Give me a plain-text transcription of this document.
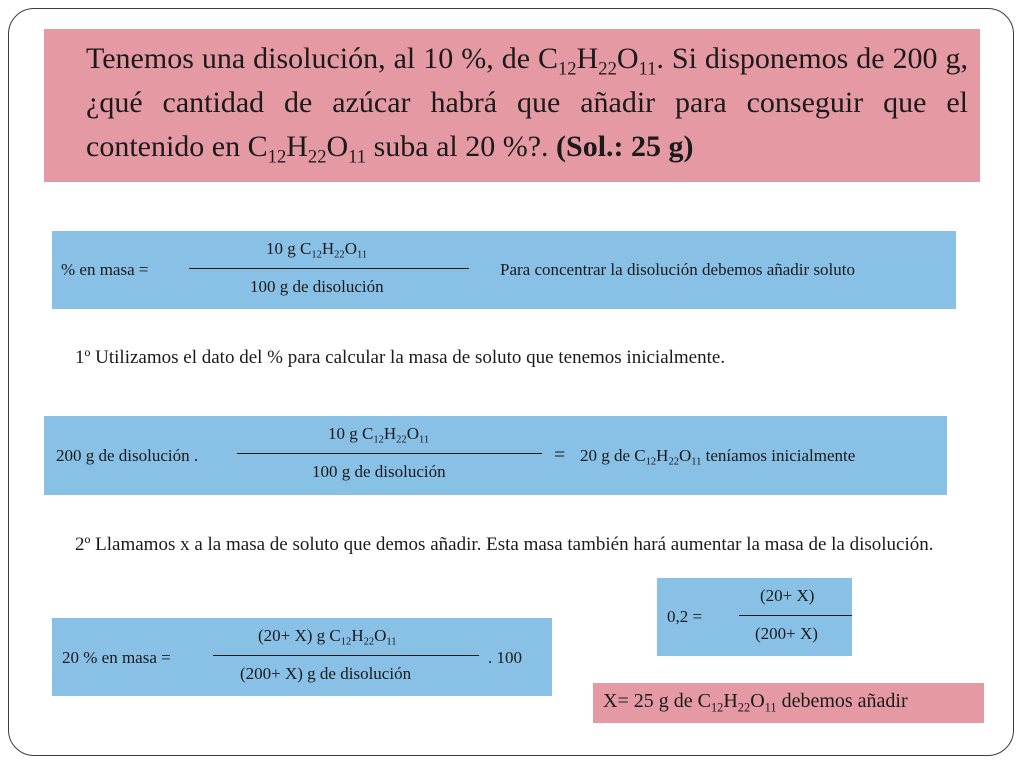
Tenemos una disolución, al 10 %, de $C_{12}H_{22}O_{11}$. Si disponemos de 200 g, ¿qué cantidad de azúcar habrá que añadir para conseguir que el contenido en $C_{12}H_{22}O_{11}$ suba al 20 %?. (Sol.: 25 g)
% en masa =
10 g $C_{12}H_{22}O_{11}$
100 g de disolución
Para concentrar la disolución debemos añadir soluto
1º Utilizamos el dato del % para calcular la masa de soluto que tenemos inicialmente.
200 g de disolución .
10 g $C_{12}H_{22}O_{11}$
100 g de disolución
= 20 g de $C_{12}H_{22}O_{11}$ teníamos inicialmente
2º Llamamos x a la masa de soluto que demos añadir. Esta masa también hará aumentar la masa de la disolución.
20 % en masa =
(20+ X) g $C_{12}H_{22}O_{11}$
(200+ X) g de disolución
. 100
0,2 =
(20+ X)
(200+ X)
X= 25 g de $C_{12}H_{22}O_{11}$ debemos añadir
